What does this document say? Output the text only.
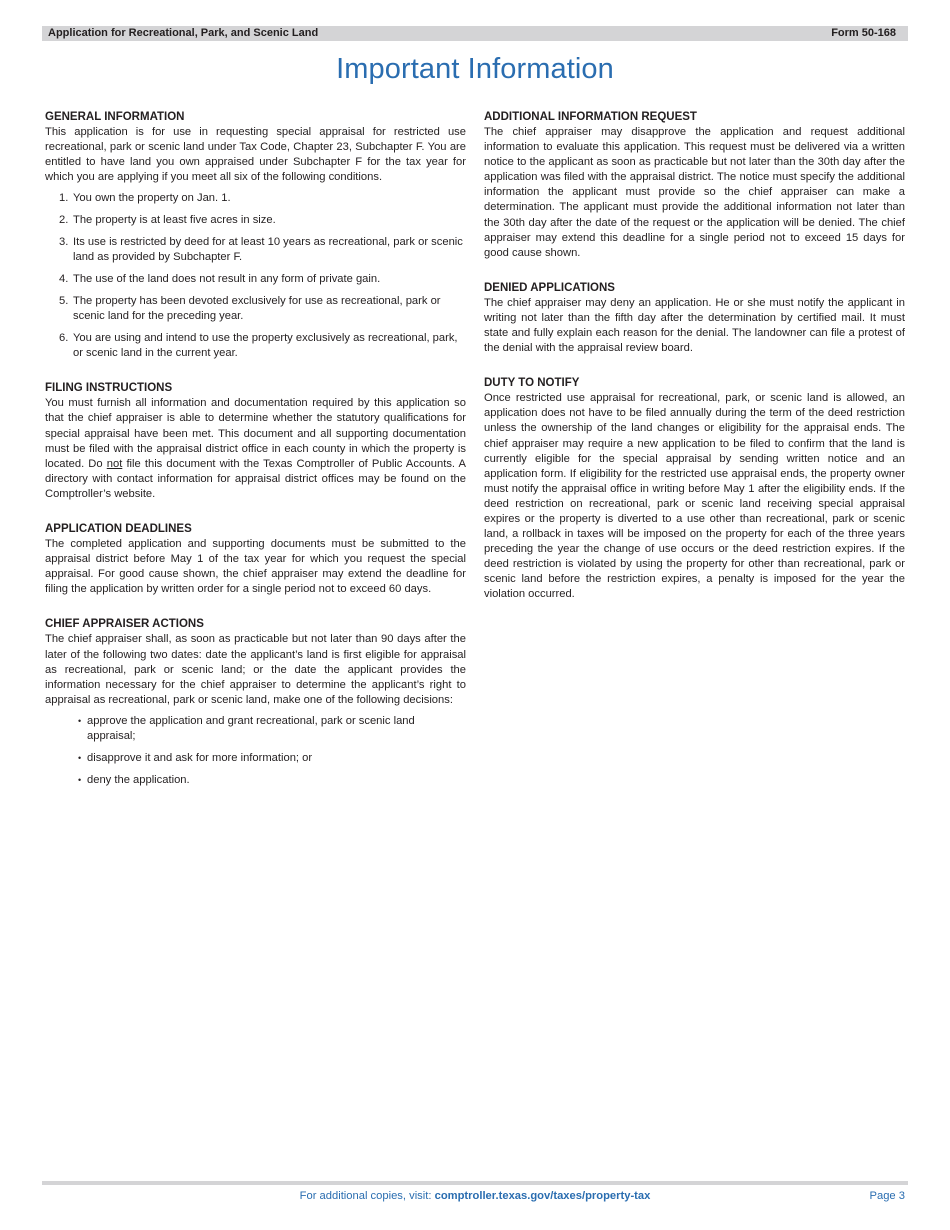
Application for Recreational, Park, and Scenic Land	Form 50-168
Important Information

GENERAL INFORMATION

This application is for use in requesting special appraisal for restricted use recreational, park or scenic land under Tax Code, Chapter 23, Subchapter F. You are entitled to have land you own appraised under Subchapter F for the tax year for which you are applying if you meet all six of the following conditions.

1. You own the property on Jan. 1.
2. The property is at least five acres in size.
3. Its use is restricted by deed for at least 10 years as recreational, park or scenic land as provided by Subchapter F.
4. The use of the land does not result in any form of private gain.
5. The property has been devoted exclusively for use as recreational, park or scenic land for the preceding year.
6. You are using and intend to use the property exclusively as recreational, park, or scenic land in the current year.

FILING INSTRUCTIONS

You must furnish all information and documentation required by this application so that the chief appraiser is able to determine whether the statutory qualifications for special appraisal have been met. This document and all supporting documentation must be filed with the appraisal district office in each county in which the property is located. Do not file this document with the Texas Comptroller of Public Accounts. A directory with contact information for appraisal district offices may be found on the Comptroller’s website.

APPLICATION DEADLINES

The completed application and supporting documents must be submitted to the appraisal district before May 1 of the tax year for which you request the special appraisal. For good cause shown, the chief appraiser may extend the deadline for filing the application by written order for a single period not to exceed 60 days.

CHIEF APPRAISER ACTIONS

The chief appraiser shall, as soon as practicable but not later than 90 days after the later of the following two dates: date the applicant’s land is first eligible for appraisal as recreational, park or scenic land; or the date the applicant provides the information necessary for the chief appraiser to determine the applicant’s right to appraisal as recreational, park or scenic land, make one of the following decisions:

• approve the application and grant recreational, park or scenic land appraisal;
• disapprove it and ask for more information; or
• deny the application.

ADDITIONAL INFORMATION REQUEST

The chief appraiser may disapprove the application and request additional information to evaluate this application. This request must be delivered via a written notice to the applicant as soon as practicable but not later than the 30th day after the application was filed with the appraisal district. The notice must specify the additional information the applicant must provide so the chief appraiser can make a determination. The applicant must provide the additional information not later than the 30th day after the date of the request or the application will be denied. The chief appraiser may extend this deadline for a single period not to exceed 15 days for good cause shown.

DENIED APPLICATIONS

The chief appraiser may deny an application. He or she must notify the applicant in writing not later than the fifth day after the determination by certified mail. It must state and fully explain each reason for the denial. The landowner can file a protest of the denial with the appraisal review board.

DUTY TO NOTIFY

Once restricted use appraisal for recreational, park, or scenic land is allowed, an application does not have to be filed annually during the term of the deed restriction unless the ownership of the land changes or eligibility for the appraisal ends. The chief appraiser may require a new application to be filed to confirm that the land is currently eligible for the special appraisal by sending written notice and an application form. If eligibility for the restricted use appraisal ends, the property owner must notify the appraisal office in writing before May 1 after the eligibility ends. If the deed restriction on recreational, park or scenic land receiving special appraisal expires or the property is diverted to a use other than recreational, park or scenic land, a rollback in taxes will be imposed on the property for each of the three years preceding the year the change of use occurs or the deed restriction expires. If the deed restriction is violated by using the property for other than recreational, park or scenic land before the restriction expires, a penalty is imposed for the year the violation occurred.

For additional copies, visit: comptroller.texas.gov/taxes/property-tax	Page 3
